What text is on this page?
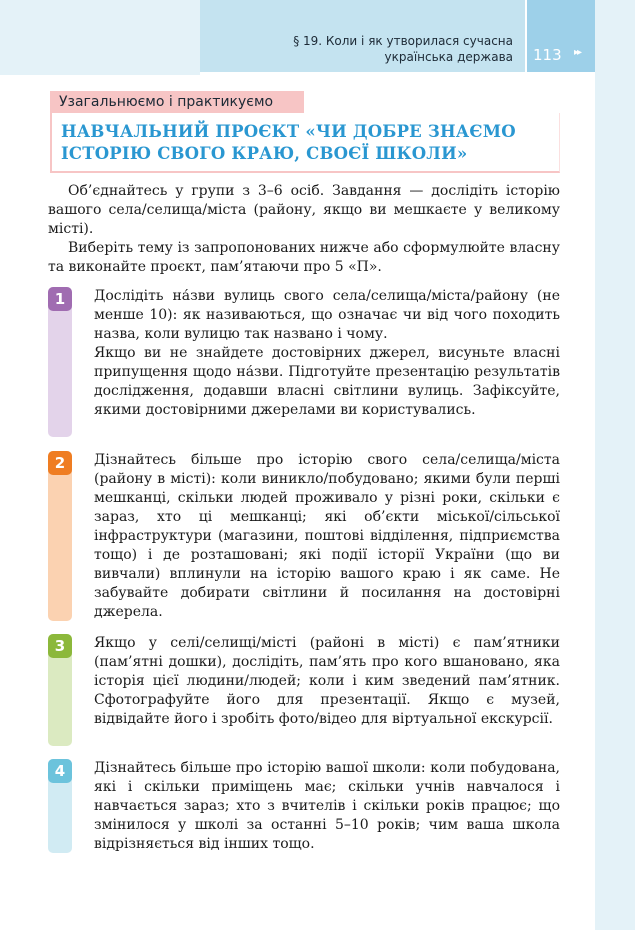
§ 19. Коли і як утворилася сучасна
українська держава 113 ▸▸
Узагальнюємо і практикуємо
НАВЧАЛЬНИЙ ПРОЄКТ «ЧИ ДОБРЕ ЗНАЄМО
ІСТОРІЮ СВОГО КРАЮ, СВОЄЇ ШКОЛИ»

Об’єднайтесь у групи з 3–6 осіб. Завдання — дослідіть історію вашого села/селища/міста (району, якщо ви мешкаєте у великому місті).

Виберіть тему із запропонованих нижче або сформулюйте власну та виконайте проєкт, пам’ятаючи про 5 «П».

1	Дослідіть на́зви вулиць свого села/селища/міста/району (не менше 10): як називаються, що означає чи від чого походить назва, коли вулицю так названо і чому.

Якщо ви не знайдете достовірних джерел, висуньте власні припущення щодо на́зви. Підготуйте презентацію результатів дослідження, додавши власні світлини вулиць. Зафіксуйте, якими достовірними джерелами ви користувались.

2	Дізнайтесь більше про історію свого села/селища/міста (району в місті): коли виникло/побудовано; якими були перші мешканці, скільки людей проживало у різні роки, скільки є зараз, хто ці мешканці; які об’єкти міської/сільської інфраструктури (магазини, поштові відділення, підприємства тощо) і де розташовані; які події історії України (що ви вивчали) вплинули на історію вашого краю і як саме. Не забувайте добирати світлини й посилання на достовірні джерела.

3	Якщо у селі/селищі/місті (районі в місті) є пам’ятники (пам’ятні дошки), дослідіть, пам’ять про кого вшановано, яка історія цієї людини/людей; коли і ким зведений пам’ятник. Сфотографуйте його для презентації. Якщо є музей, відвідайте його і зробіть фото/відео для віртуальної екскурсії.

4	Дізнайтесь більше про історію вашої школи: коли побудована, які і скільки приміщень має; скільки учнів навчалося і навчається зараз; хто з вчителів і скільки років працює; що змінилося у школі за останні 5–10 років; чим ваша школа відрізняється від інших тощо.
